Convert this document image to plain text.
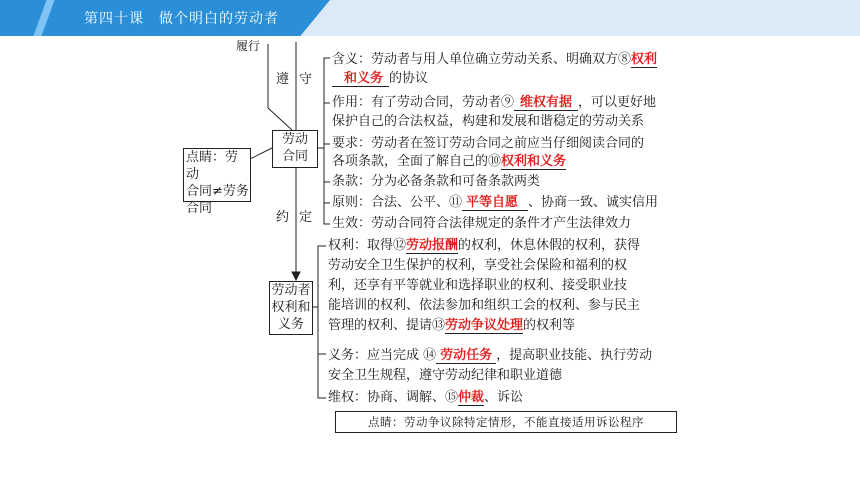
第四十课　做个明白的劳动者
履行
遵 守
约 定
劳动
合同
点睛：劳动
合同≠劳务
合同
劳动者
权利和
义务
含义：劳动者与用人单位确立劳动关系、明确双方⑧权利
和义务 的协议
作用：有了劳动合同，劳动者⑨ 维权有据 ，可以更好地
保护自己的合法权益，构建和发展和谐稳定的劳动关系
要求：劳动者在签订劳动合同之前应当仔细阅读合同的
各项条款，全面了解自己的⑩权利和义务
条款：分为必备条款和可备条款两类
原则：合法、公平、⑪ 平等自愿 、协商一致、诚实信用
生效：劳动合同符合法律规定的条件才产生法律效力
权利：取得⑫劳动报酬的权利，休息休假的权利，获得
劳动安全卫生保护的权利，享受社会保险和福利的权
利，还享有平等就业和选择职业的权利、接受职业技
能培训的权利、依法参加和组织工会的权利、参与民主
管理的权利、提请⑬劳动争议处理的权利等
义务：应当完成 ⑭ 劳动任务 ，提高职业技能、执行劳动
安全卫生规程，遵守劳动纪律和职业道德
维权：协商、调解、⑮仲裁、诉讼
点睛：劳动争议除特定情形，不能直接适用诉讼程序
